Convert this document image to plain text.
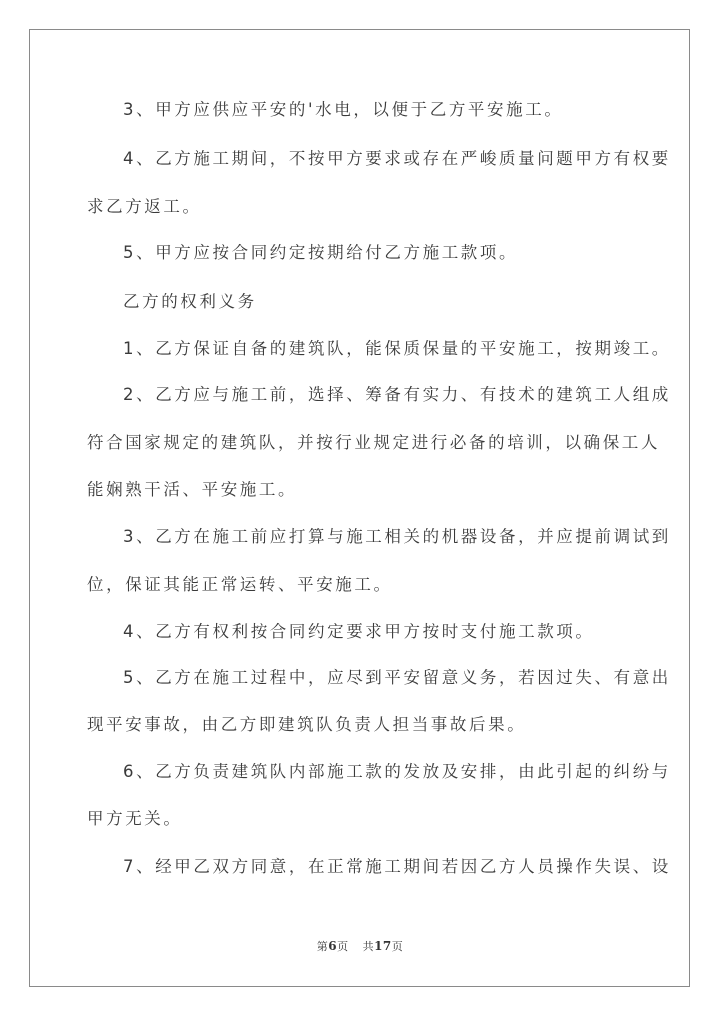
3、甲方应供应平安的'水电，以便于乙方平安施工。
4、乙方施工期间，不按甲方要求或存在严峻质量问题甲方有权要
求乙方返工。
5、甲方应按合同约定按期给付乙方施工款项。
乙方的权利义务
1、乙方保证自备的建筑队，能保质保量的平安施工，按期竣工。
2、乙方应与施工前，选择、筹备有实力、有技术的建筑工人组成
符合国家规定的建筑队，并按行业规定进行必备的培训，以确保工人
能娴熟干活、平安施工。
3、乙方在施工前应打算与施工相关的机器设备，并应提前调试到
位，保证其能正常运转、平安施工。
4、乙方有权利按合同约定要求甲方按时支付施工款项。
5、乙方在施工过程中，应尽到平安留意义务，若因过失、有意出
现平安事故，由乙方即建筑队负责人担当事故后果。
6、乙方负责建筑队内部施工款的发放及安排，由此引起的纠纷与
甲方无关。
7、经甲乙双方同意，在正常施工期间若因乙方人员操作失误、设
第6页 共17页
